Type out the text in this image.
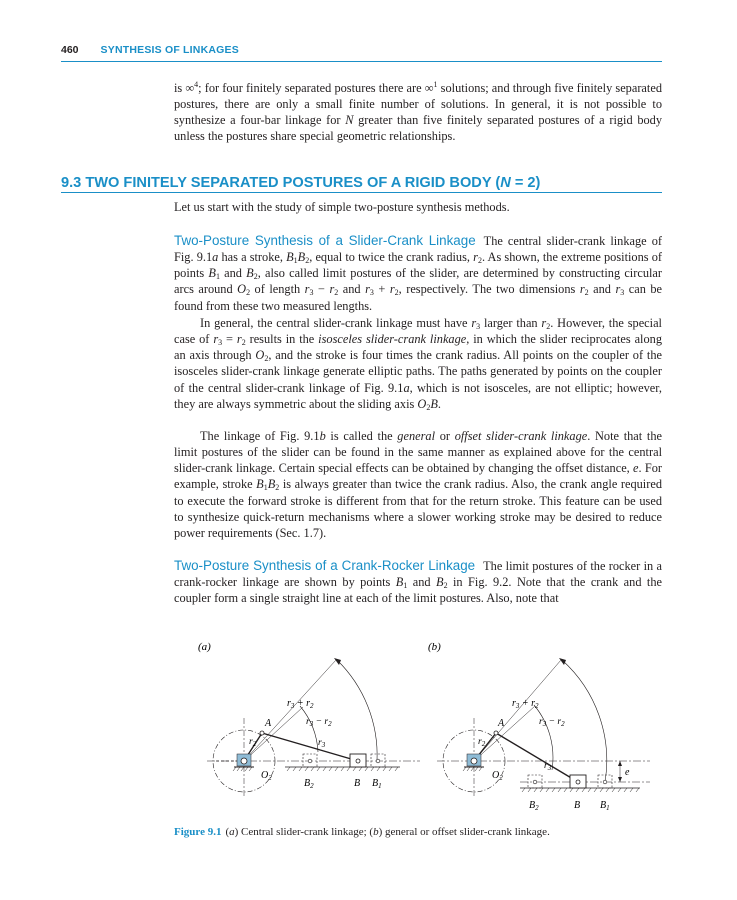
460 SYNTHESIS OF LINKAGES

is ∞$^4$; for four finitely separated postures there are ∞$^1$ solutions; and through five finitely separated postures, there are only a small finite number of solutions. In general, it is not possible to synthesize a four-bar linkage for N greater than five finitely separated postures of a rigid body unless the postures share special geometric relationships.

9.3 TWO FINITELY SEPARATED POSTURES OF A RIGID BODY (N = 2)

Let us start with the study of simple two-posture synthesis methods.

Two-Posture Synthesis of a Slider-Crank Linkage The central slider-crank linkage of Fig. 9.1a has a stroke, $B_1B_2$, equal to twice the crank radius, $r_2$. As shown, the extreme positions of points $B_1$ and $B_2$, also called limit postures of the slider, are determined by constructing circular arcs around $O_2$ of length $r_3 - r_2$ and $r_3 + r_2$, respectively. The two dimensions $r_2$ and $r_3$ can be found from these two measured lengths.

In general, the central slider-crank linkage must have $r_3$ larger than $r_2$. However, the special case of $r_3 = r_2$ results in the isosceles slider-crank linkage, in which the slider reciprocates along an axis through $O_2$, and the stroke is four times the crank radius. All points on the coupler of the isosceles slider-crank linkage generate elliptic paths. The paths generated by points on the coupler of the central slider-crank linkage of Fig. 9.1a, which is not isosceles, are not elliptic; however, they are always symmetric about the sliding axis $O_2B$.

The linkage of Fig. 9.1b is called the general or offset slider-crank linkage. Note that the limit postures of the slider can be found in the same manner as explained above for the central slider-crank linkage. Certain special effects can be obtained by changing the offset distance, e. For example, stroke $B_1B_2$ is always greater than twice the crank radius. Also, the crank angle required to execute the forward stroke is different from that for the return stroke. This feature can be used to synthesize quick-return mechanisms where a slower working stroke may be desired to reduce power requirements (Sec. 1.7).

Two-Posture Synthesis of a Crank-Rocker Linkage The limit postures of the rocker in a crank-rocker linkage are shown by points $B_1$ and $B_2$ in Fig. 9.2. Note that the crank and the coupler form a single straight line at each of the limit postures. Also, note that

(a)
$r_3 + r_2$
$r_3 - r_2$
A
$r_2$	$r_3$
$O_2$	$B_2$	B $B_1$
(b)
$r_3 + r_2$
$r_3 - r_2$
A
$r_2$
$r_3$
$O_2$	e
$B_2$	B $B_1$
Figure 9.1 (a) Central slider-crank linkage; (b) general or offset slider-crank linkage.
